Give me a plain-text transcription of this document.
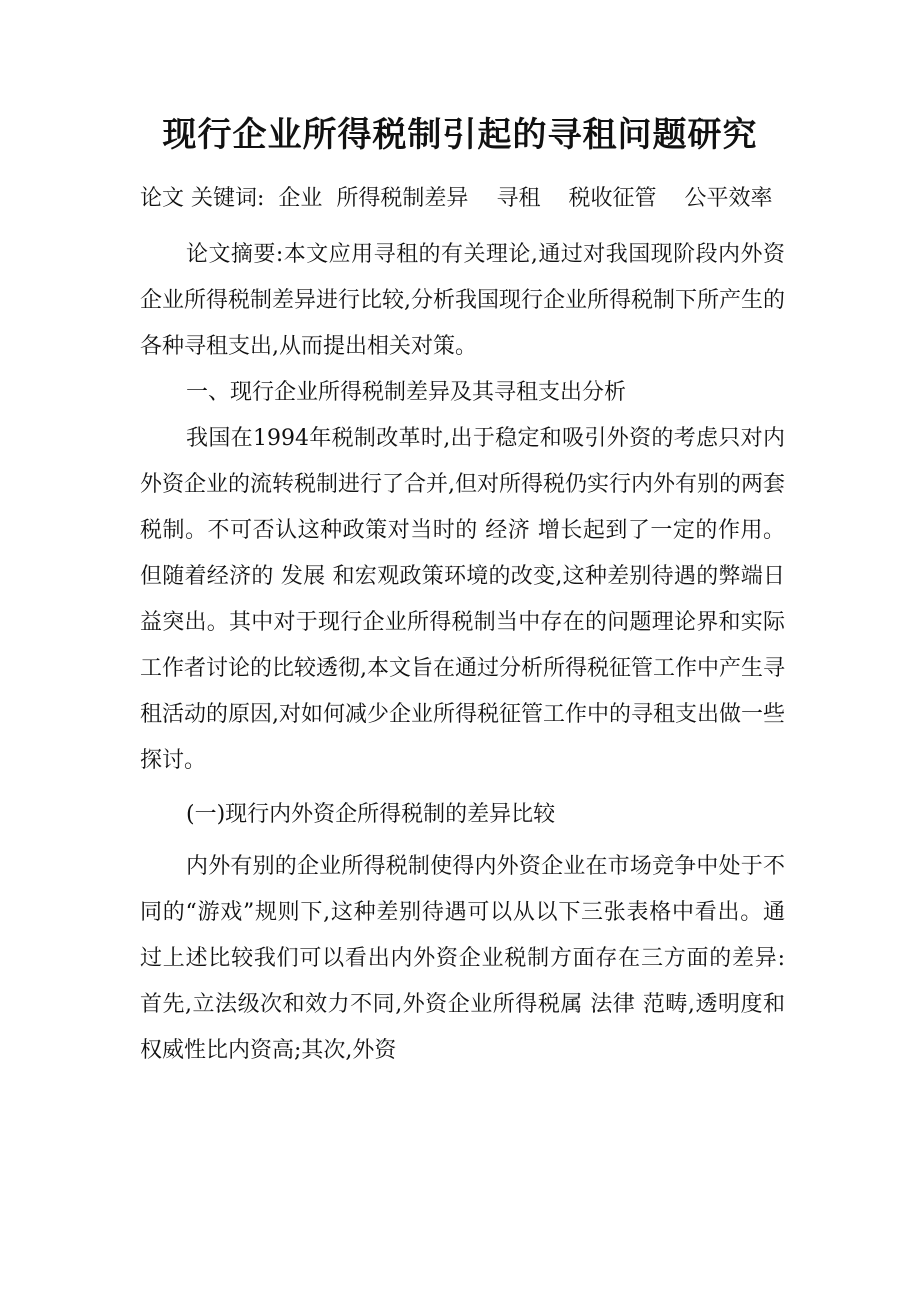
现行企业所得税制引起的寻租问题研究

论文 关键词: 企业 所得税制差异 寻租 税收征管 公平效率

论文摘要:本文应用寻租的有关理论,通过对我国现阶段内外资企业所得税制差异进行比较,分析我国现行企业所得税制下所产生的各种寻租支出,从而提出相关对策。

一、现行企业所得税制差异及其寻租支出分析

我国在1994年税制改革时,出于稳定和吸引外资的考虑只对内外资企业的流转税制进行了合并,但对所得税仍实行内外有别的两套税制。不可否认这种政策对当时的 经济 增长起到了一定的作用。但随着经济的 发展 和宏观政策环境的改变,这种差别待遇的弊端日益突出。其中对于现行企业所得税制当中存在的问题理论界和实际工作者讨论的比较透彻,本文旨在通过分析所得税征管工作中产生寻租活动的原因,对如何减少企业所得税征管工作中的寻租支出做一些探讨。

(一)现行内外资企所得税制的差异比较

内外有别的企业所得税制使得内外资企业在市场竞争中处于不同的“游戏”规则下,这种差别待遇可以从以下三张表格中看出。通过上述比较我们可以看出内外资企业税制方面存在三方面的差异:首先,立法级次和效力不同,外资企业所得税属 法律 范畴,透明度和权威性比内资高;其次,外资
